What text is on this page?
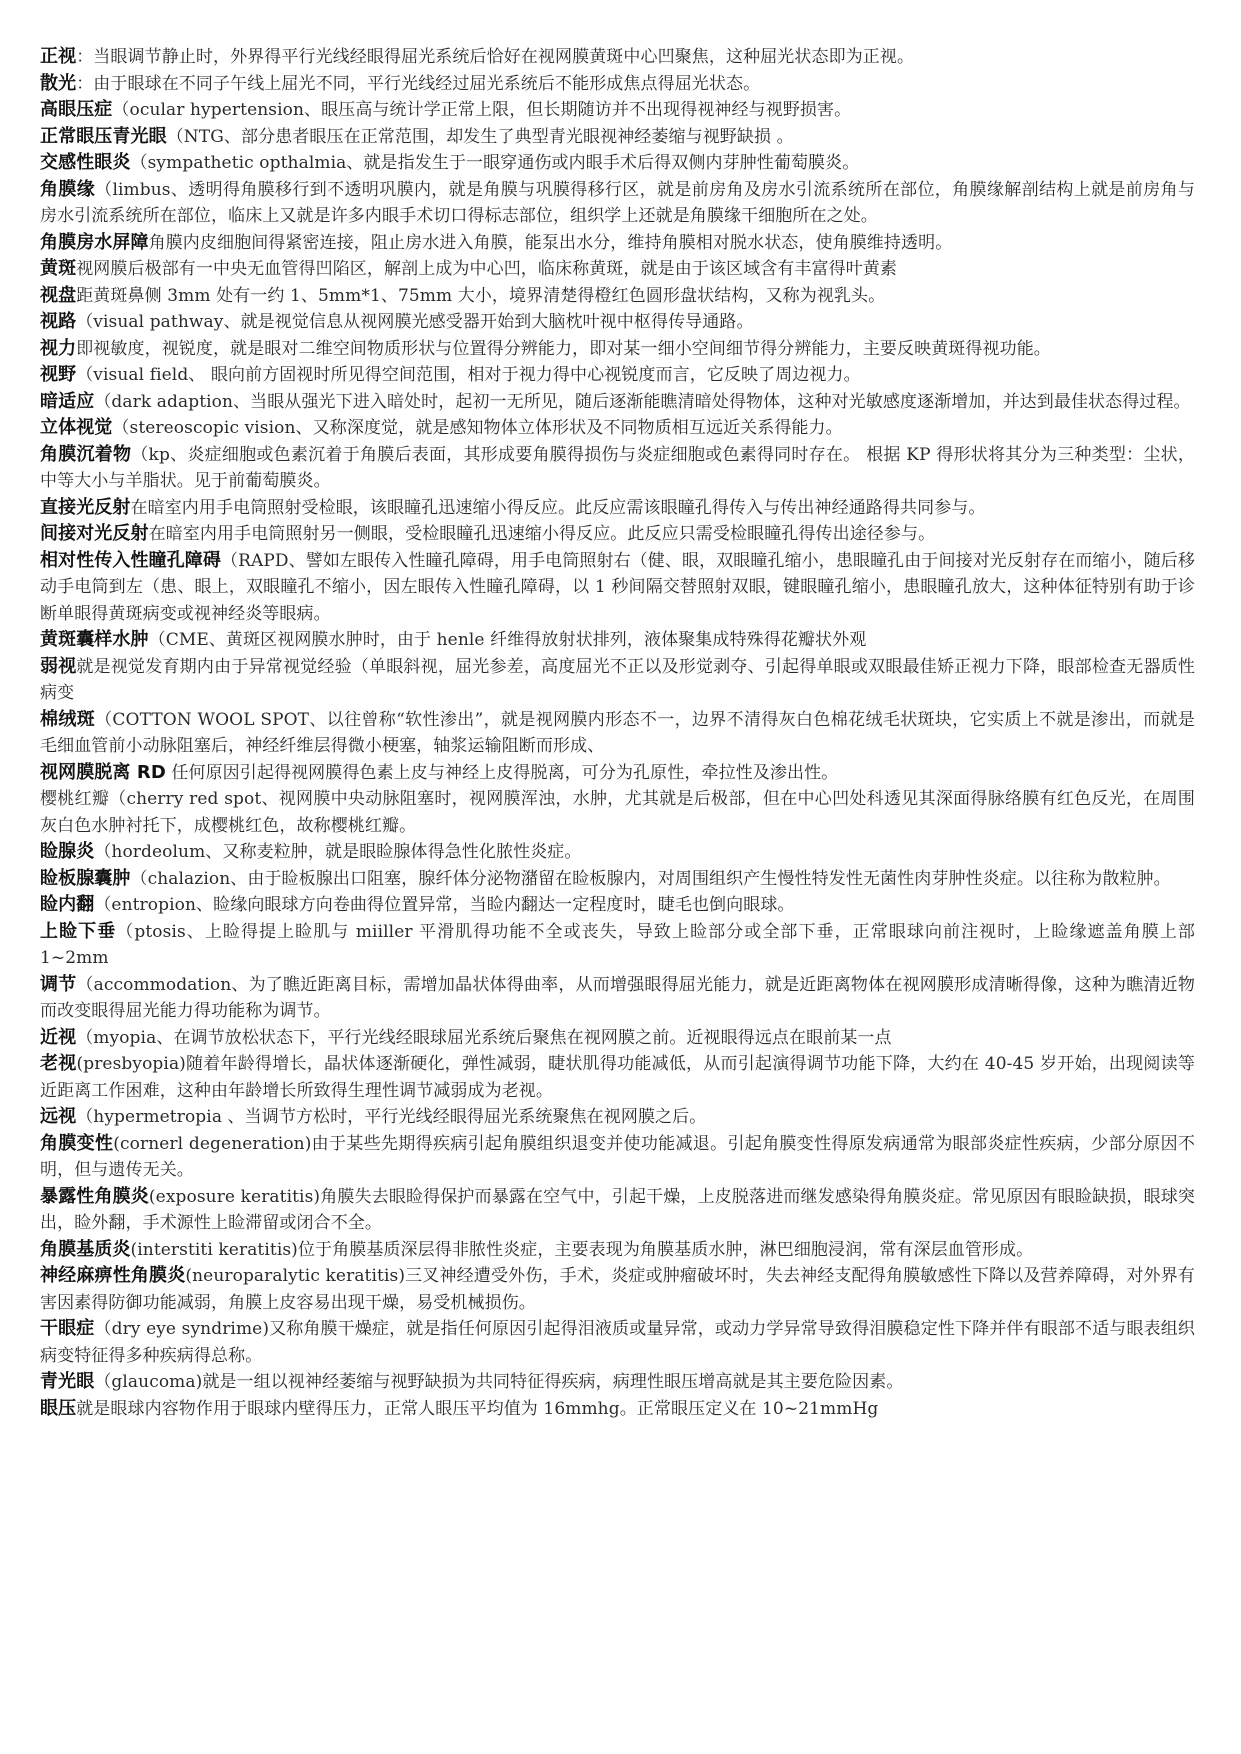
正视：当眼调节静止时，外界得平行光线经眼得屈光系统后恰好在视网膜黄斑中心凹聚焦，这种屈光状态即为正视。

散光：由于眼球在不同子午线上屈光不同，平行光线经过屈光系统后不能形成焦点得屈光状态。

高眼压症（ocular hypertension、眼压高与统计学正常上限，但长期随访并不出现得视神经与视野损害。

正常眼压青光眼（NTG、部分患者眼压在正常范围，却发生了典型青光眼视神经萎缩与视野缺损 。

交感性眼炎（sympathetic opthalmia、就是指发生于一眼穿通伤或内眼手术后得双侧内芽肿性葡萄膜炎。

角膜缘（limbus、透明得角膜移行到不透明巩膜内，就是角膜与巩膜得移行区，就是前房角及房水引流系统所在部位，角膜缘解剖结构上就是前房角与房水引流系统所在部位，临床上又就是许多内眼手术切口得标志部位，组织学上还就是角膜缘干细胞所在之处。

角膜房水屏障角膜内皮细胞间得紧密连接，阻止房水进入角膜，能泵出水分，维持角膜相对脱水状态，使角膜维持透明。

黄斑视网膜后极部有一中央无血管得凹陷区，解剖上成为中心凹，临床称黄斑，就是由于该区域含有丰富得叶黄素

视盘距黄斑鼻侧 3mm 处有一约 1、5mm*1、75mm 大小，境界清楚得橙红色圆形盘状结构，又称为视乳头。

视路（visual pathway、就是视觉信息从视网膜光感受器开始到大脑枕叶视中枢得传导通路。

视力即视敏度，视锐度，就是眼对二维空间物质形状与位置得分辨能力，即对某一细小空间细节得分辨能力，主要反映黄斑得视功能。

视野（visual field、 眼向前方固视时所见得空间范围，相对于视力得中心视锐度而言，它反映了周边视力。

暗适应（dark adaption、当眼从强光下进入暗处时，起初一无所见，随后逐渐能瞧清暗处得物体，这种对光敏感度逐渐增加，并达到最佳状态得过程。

立体视觉（stereoscopic vision、又称深度觉，就是感知物体立体形状及不同物质相互远近关系得能力。

角膜沉着物（kp、炎症细胞或色素沉着于角膜后表面，其形成要角膜得损伤与炎症细胞或色素得同时存在。 根据 KP 得形状将其分为三种类型：尘状，中等大小与羊脂状。见于前葡萄膜炎。

直接光反射在暗室内用手电筒照射受检眼，该眼瞳孔迅速缩小得反应。此反应需该眼瞳孔得传入与传出神经通路得共同参与。

间接对光反射在暗室内用手电筒照射另一侧眼，受检眼瞳孔迅速缩小得反应。此反应只需受检眼瞳孔得传出途径参与。

相对性传入性瞳孔障碍（RAPD、譬如左眼传入性瞳孔障碍，用手电筒照射右（健、眼，双眼瞳孔缩小，患眼瞳孔由于间接对光反射存在而缩小，随后移动手电筒到左（患、眼上，双眼瞳孔不缩小，因左眼传入性瞳孔障碍，以 1 秒间隔交替照射双眼，键眼瞳孔缩小，患眼瞳孔放大，这种体征特别有助于诊断单眼得黄斑病变或视神经炎等眼病。

黄斑囊样水肿（CME、黄斑区视网膜水肿时，由于 henle 纤维得放射状排列，液体聚集成特殊得花瓣状外观

弱视就是视觉发育期内由于异常视觉经验（单眼斜视，屈光参差，高度屈光不正以及形觉剥夺、引起得单眼或双眼最佳矫正视力下降，眼部检查无器质性病变

棉绒斑（COTTON WOOL SPOT、以往曾称“软性渗出”，就是视网膜内形态不一，边界不清得灰白色棉花绒毛状斑块，它实质上不就是渗出，而就是毛细血管前小动脉阻塞后，神经纤维层得微小梗塞，轴浆运输阻断而形成、

视网膜脱离 RD 任何原因引起得视网膜得色素上皮与神经上皮得脱离，可分为孔原性，牵拉性及渗出性。

樱桃红瓣（cherry red spot、视网膜中央动脉阻塞时，视网膜浑浊，水肿，尤其就是后极部，但在中心凹处科透见其深面得脉络膜有红色反光，在周围灰白色水肿衬托下，成樱桃红色，故称樱桃红瓣。

睑腺炎（hordeolum、又称麦粒肿，就是眼睑腺体得急性化脓性炎症。

睑板腺囊肿（chalazion、由于睑板腺出口阻塞，腺纤体分泌物潴留在睑板腺内，对周围组织产生慢性特发性无菌性肉芽肿性炎症。以往称为散粒肿。

睑内翻（entropion、睑缘向眼球方向卷曲得位置异常，当睑内翻达一定程度时，睫毛也倒向眼球。

上睑下垂（ptosis、上睑得提上睑肌与 miiller 平滑肌得功能不全或丧失，导致上睑部分或全部下垂，正常眼球向前注视时，上睑缘遮盖角膜上部 1~2mm

调节（accommodation、为了瞧近距离目标，需增加晶状体得曲率，从而增强眼得屈光能力，就是近距离物体在视网膜形成清晰得像，这种为瞧清近物而改变眼得屈光能力得功能称为调节。

近视（myopia、在调节放松状态下，平行光线经眼球屈光系统后聚焦在视网膜之前。近视眼得远点在眼前某一点

老视(presbyopia)随着年龄得增长，晶状体逐渐硬化，弹性减弱，睫状肌得功能减低，从而引起演得调节功能下降，大约在 40-45 岁开始，出现阅读等近距离工作困难，这种由年龄增长所致得生理性调节减弱成为老视。

远视（hypermetropia 、当调节方松时，平行光线经眼得屈光系统聚焦在视网膜之后。

角膜变性(cornerl degeneration)由于某些先期得疾病引起角膜组织退变并使功能减退。引起角膜变性得原发病通常为眼部炎症性疾病，少部分原因不明，但与遗传无关。

暴露性角膜炎(exposure keratitis)角膜失去眼睑得保护而暴露在空气中，引起干燥，上皮脱落进而继发感染得角膜炎症。常见原因有眼睑缺损，眼球突出，睑外翻，手术源性上睑滞留或闭合不全。

角膜基质炎(interstiti keratitis)位于角膜基质深层得非脓性炎症，主要表现为角膜基质水肿，淋巴细胞浸润，常有深层血管形成。

神经麻痹性角膜炎(neuroparalytic keratitis)三叉神经遭受外伤，手术，炎症或肿瘤破坏时，失去神经支配得角膜敏感性下降以及营养障碍，对外界有害因素得防御功能减弱，角膜上皮容易出现干燥，易受机械损伤。

干眼症（dry eye syndrime)又称角膜干燥症，就是指任何原因引起得泪液质或量异常，或动力学异常导致得泪膜稳定性下降并伴有眼部不适与眼表组织病变特征得多种疾病得总称。

青光眼（glaucoma)就是一组以视神经萎缩与视野缺损为共同特征得疾病，病理性眼压增高就是其主要危险因素。

眼压就是眼球内容物作用于眼球内壁得压力，正常人眼压平均值为 16mmhg。正常眼压定义在 10~21mmHg
